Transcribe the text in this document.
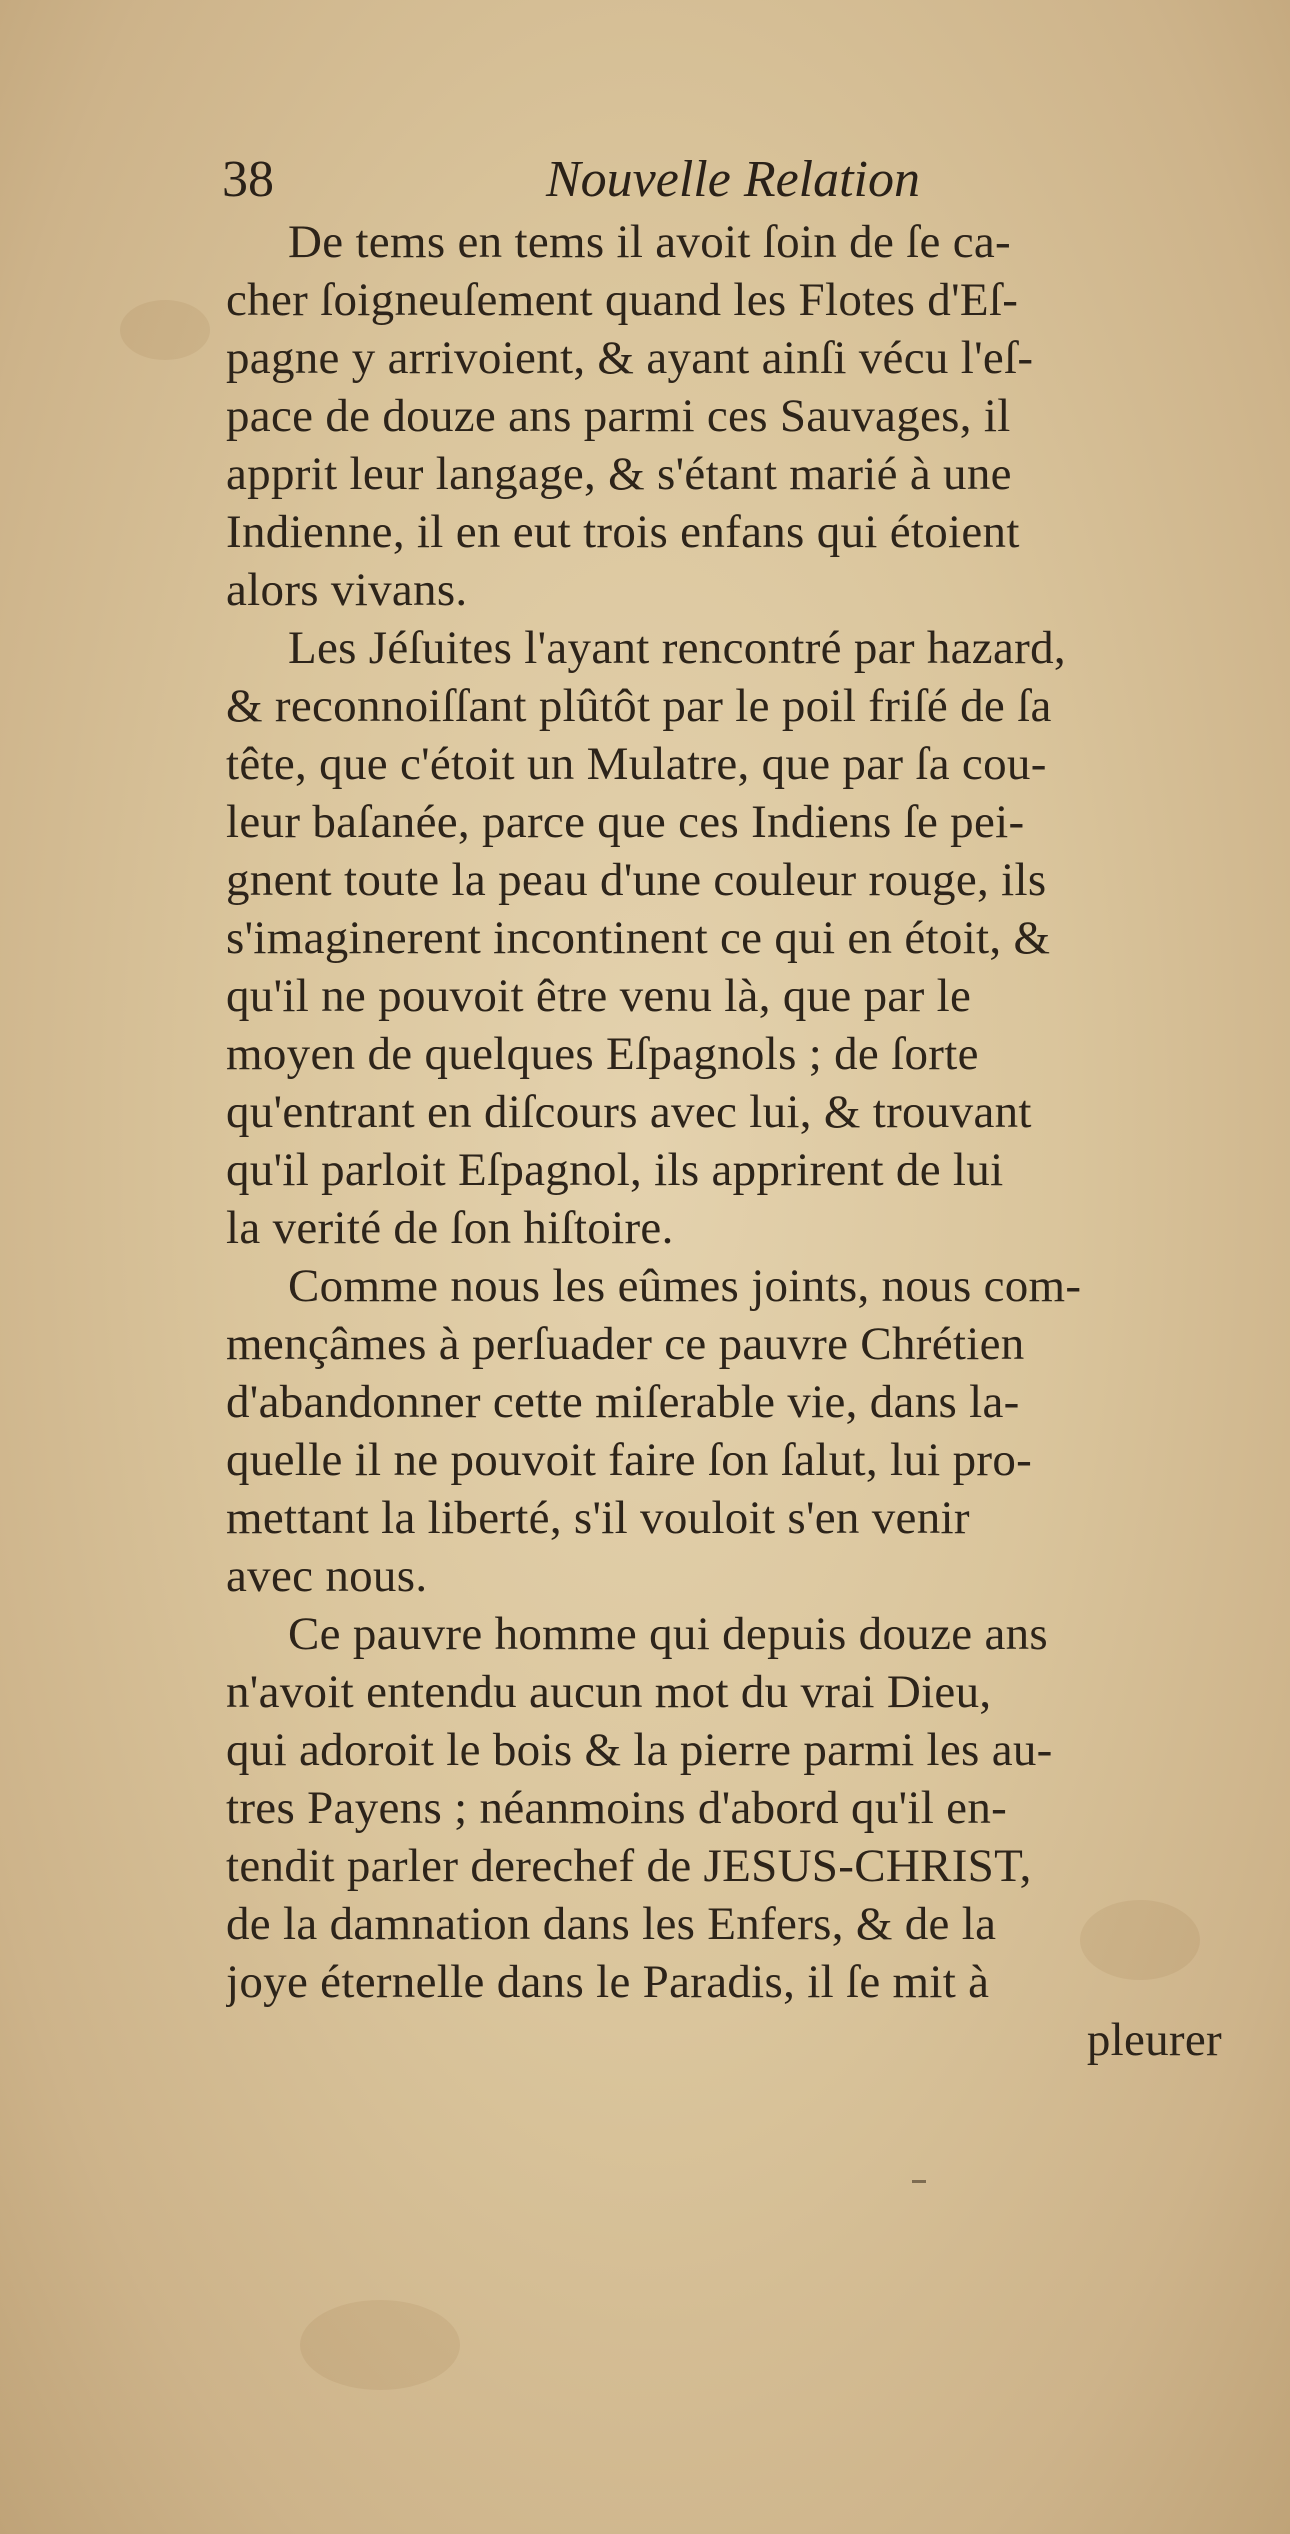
38	Nouvelle Relation
De tems en tems il avoit ſoin de ſe ca-
cher ſoigneuſement quand les Flotes d'Eſ-
pagne y arrivoient, & ayant ainſi vécu l'eſ-
pace de douze ans parmi ces Sauvages, il
apprit leur langage, & s'étant marié à une
Indienne, il en eut trois enfans qui étoient
alors vivans.
Les Jéſuites l'ayant rencontré par hazard,
& reconnoiſſant plûtôt par le poil friſé de ſa
tête, que c'étoit un Mulatre, que par ſa cou-
leur baſanée, parce que ces Indiens ſe pei-
gnent toute la peau d'une couleur rouge, ils
s'imaginerent incontinent ce qui en étoit, &
qu'il ne pouvoit être venu là, que par le
moyen de quelques Eſpagnols ; de ſorte
qu'entrant en diſcours avec lui, & trouvant
qu'il parloit Eſpagnol, ils apprirent de lui
la verité de ſon hiſtoire.
Comme nous les eûmes joints, nous com-
mençâmes à perſuader ce pauvre Chrétien
d'abandonner cette miſerable vie, dans la-
quelle il ne pouvoit faire ſon ſalut, lui pro-
mettant la liberté, s'il vouloit s'en venir
avec nous.
Ce pauvre homme qui depuis douze ans
n'avoit entendu aucun mot du vrai Dieu,
qui adoroit le bois & la pierre parmi les au-
tres Payens ; néanmoins d'abord qu'il en-
tendit parler derechef de JESUS-CHRIST,
de la damnation dans les Enfers, & de la
joye éternelle dans le Paradis, il ſe mit à
pleurer
